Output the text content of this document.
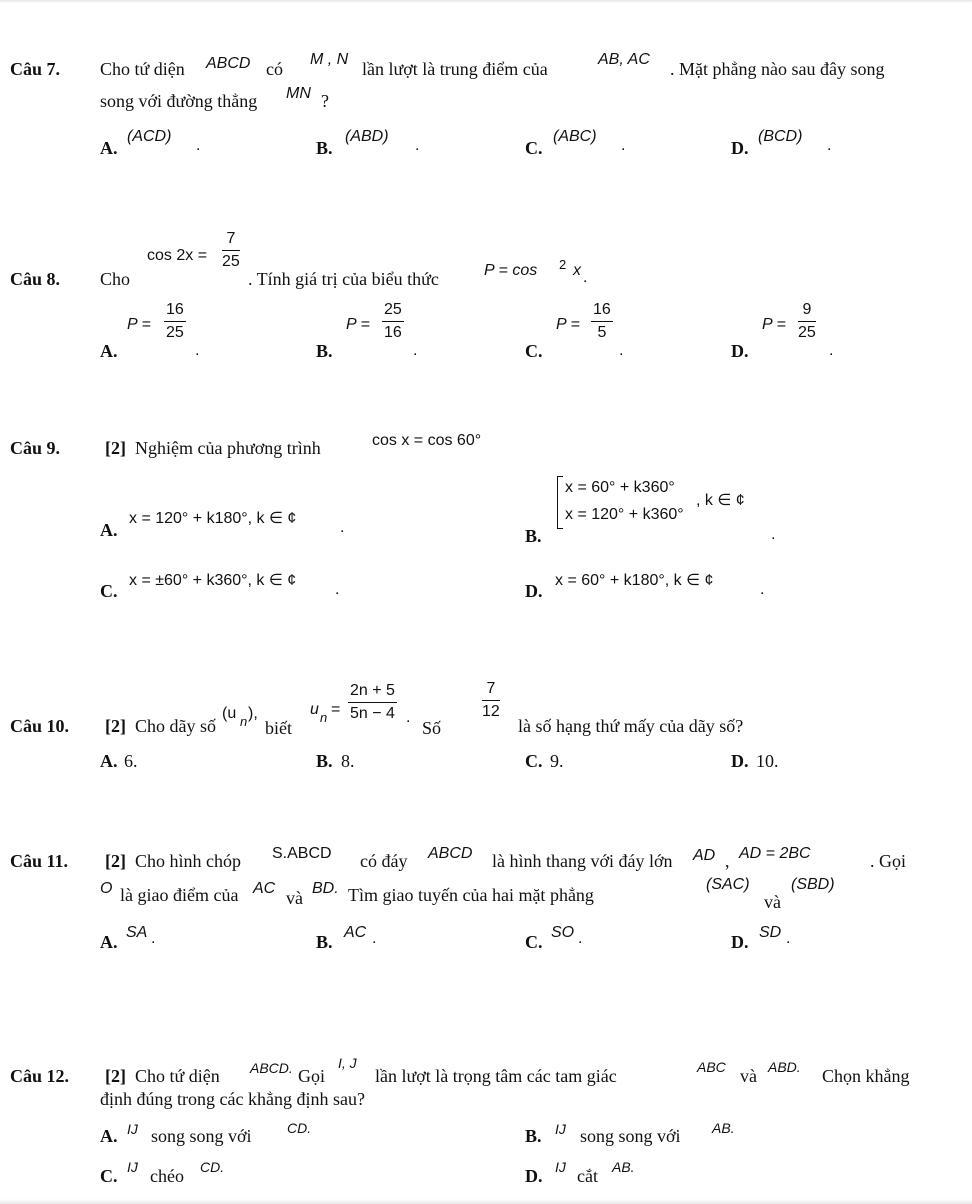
Câu 7. Cho tứ diện ABCD có M , N lần lượt là trung điểm của	AB, AC . Mặt phẳng nào sau đây song
song với đường thẳng MN ?
A.
(ACD)
.	B.
(ABD)
.	C.
(ABC)
.	D.
(BCD)
.
Câu 8. Cho
$\cos 2x = \frac{7}{25}$
. Tính giá trị của biểu thức	P = cos 2 x .
A.
$P = \frac{16}{25}$
.	B.
$P = \frac{25}{16}$
.	C.
$P = \frac{16}{5}$
.	D.
$P = \frac{9}{25}$
.
Câu 9. [2] Nghiệm của phương trình	cos x = cos 60°
A.
x = 120° + k180°, k ∈ ¢
.	B.
x = 60° + k360°
x = 120° + k360°
, k ∈ ¢
.
C.
x = ±60° + k360°, k ∈ ¢
.	D.
x = 60° + k180°, k ∈ ¢
.
Câu 10. [2] Cho dãy số
(u n ),
biết
u $n = \frac{2n + 5}{5n - 4}$ .
Số
$\frac{7}{12}$
là số hạng thứ mấy của dãy số?
A. 6.	B. 8.	C. 9.	D. 10.
Câu 11. [2] Cho hình chóp S.ABCD có đáy ABCD là hình thang với đáy lớn AD , AD = 2BC	. Gọi
O là giao điểm của AC và BD. Tìm giao tuyến của hai mặt phẳng
(SAC)
và
(SBD)
A. SA .	B. AC .	C. SO .	D. SD .
Câu 12. [2] Cho tứ diện ABCD. Gọi
I, J
lần lượt là trọng tâm các tam giác	ABC và ABD. Chọn khẳng
định đúng trong các khẳng định sau?
A. IJ song song với	CD.	B. IJ song song với AB.
C. IJ chéo CD.	D. IJ cắt AB.
